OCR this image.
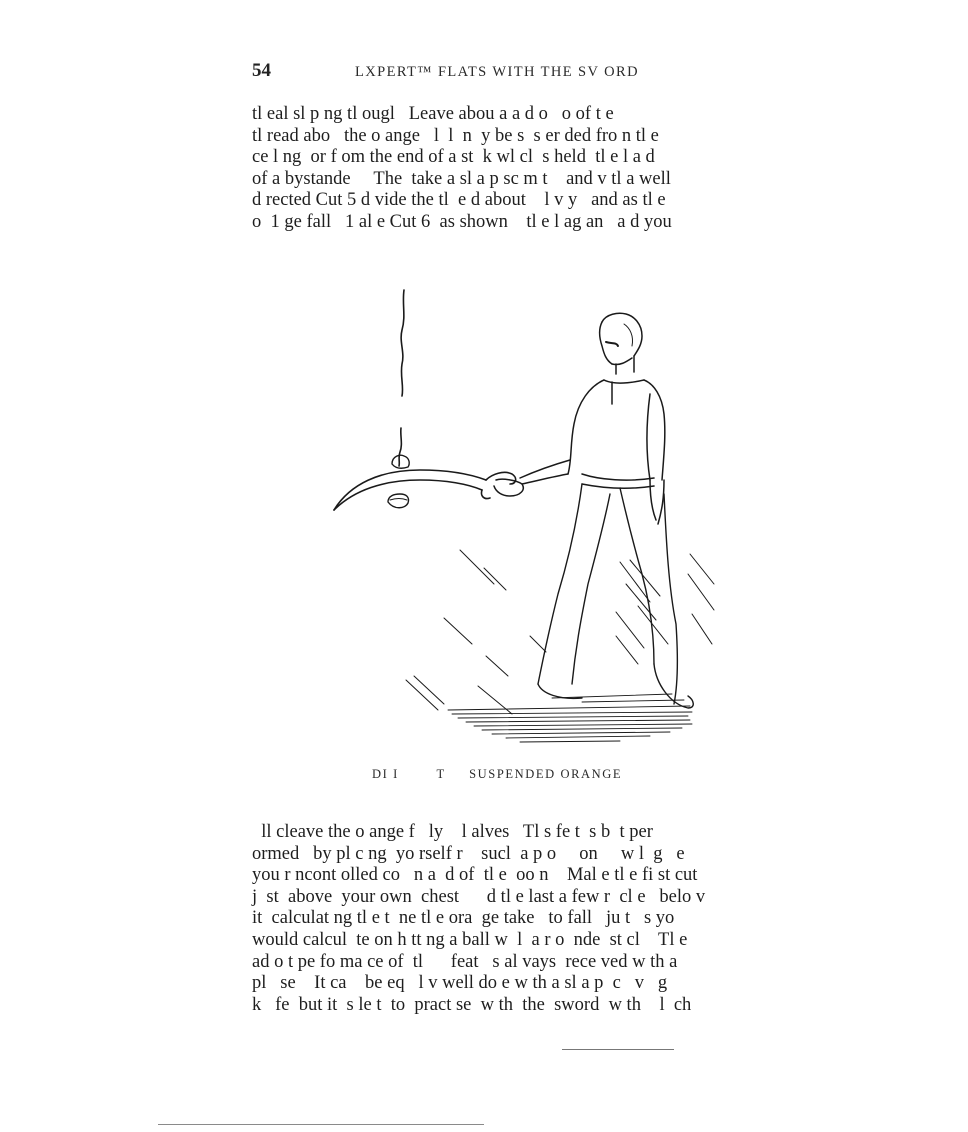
54	LXPERT™ FLATS WITH THE SV ORD
tl eal sl p ng tl ougl   Leave abou a a d o   o of t e
tl read abo   the o ange   l  l  n  y be s  s er ded fro n tl e
ce l ng  or f om the end of a st  k wl cl  s held  tl e l a d
of a bystande     The  take a sl a p sc m t    and v tl a well
d rected Cut 5 d vide the tl  e d about    l v y   and as tl e
o  1 ge fall   1 al e Cut 6  as shown    tl e l ag an   a d you
DI I        T     SUSPENDED ORANGE
ll cleave the o ange f   ly    l alves   Tl s fe t  s b  t per
ormed   by pl c ng  yo rself r    sucl  a p o     on     w l  g   e
you r ncont olled co   n a  d of  tl e  oo n    Mal e tl e fi st cut
j  st  above  your own  chest      d tl e last a few r  cl e   belo v
it  calculat ng tl e t  ne tl e ora  ge take   to fall   ju t   s yo
would calcul  te on h tt ng a ball w  l  a r o  nde  st cl    Tl e
ad o t pe fo ma ce of  tl      feat   s al vays  rece ved w th a
pl   se    It ca    be eq   l v well do e w th a sl a p  c   v   g
k   fe  but it  s le t  to  pract se  w th  the  sword  w th    l  ch
